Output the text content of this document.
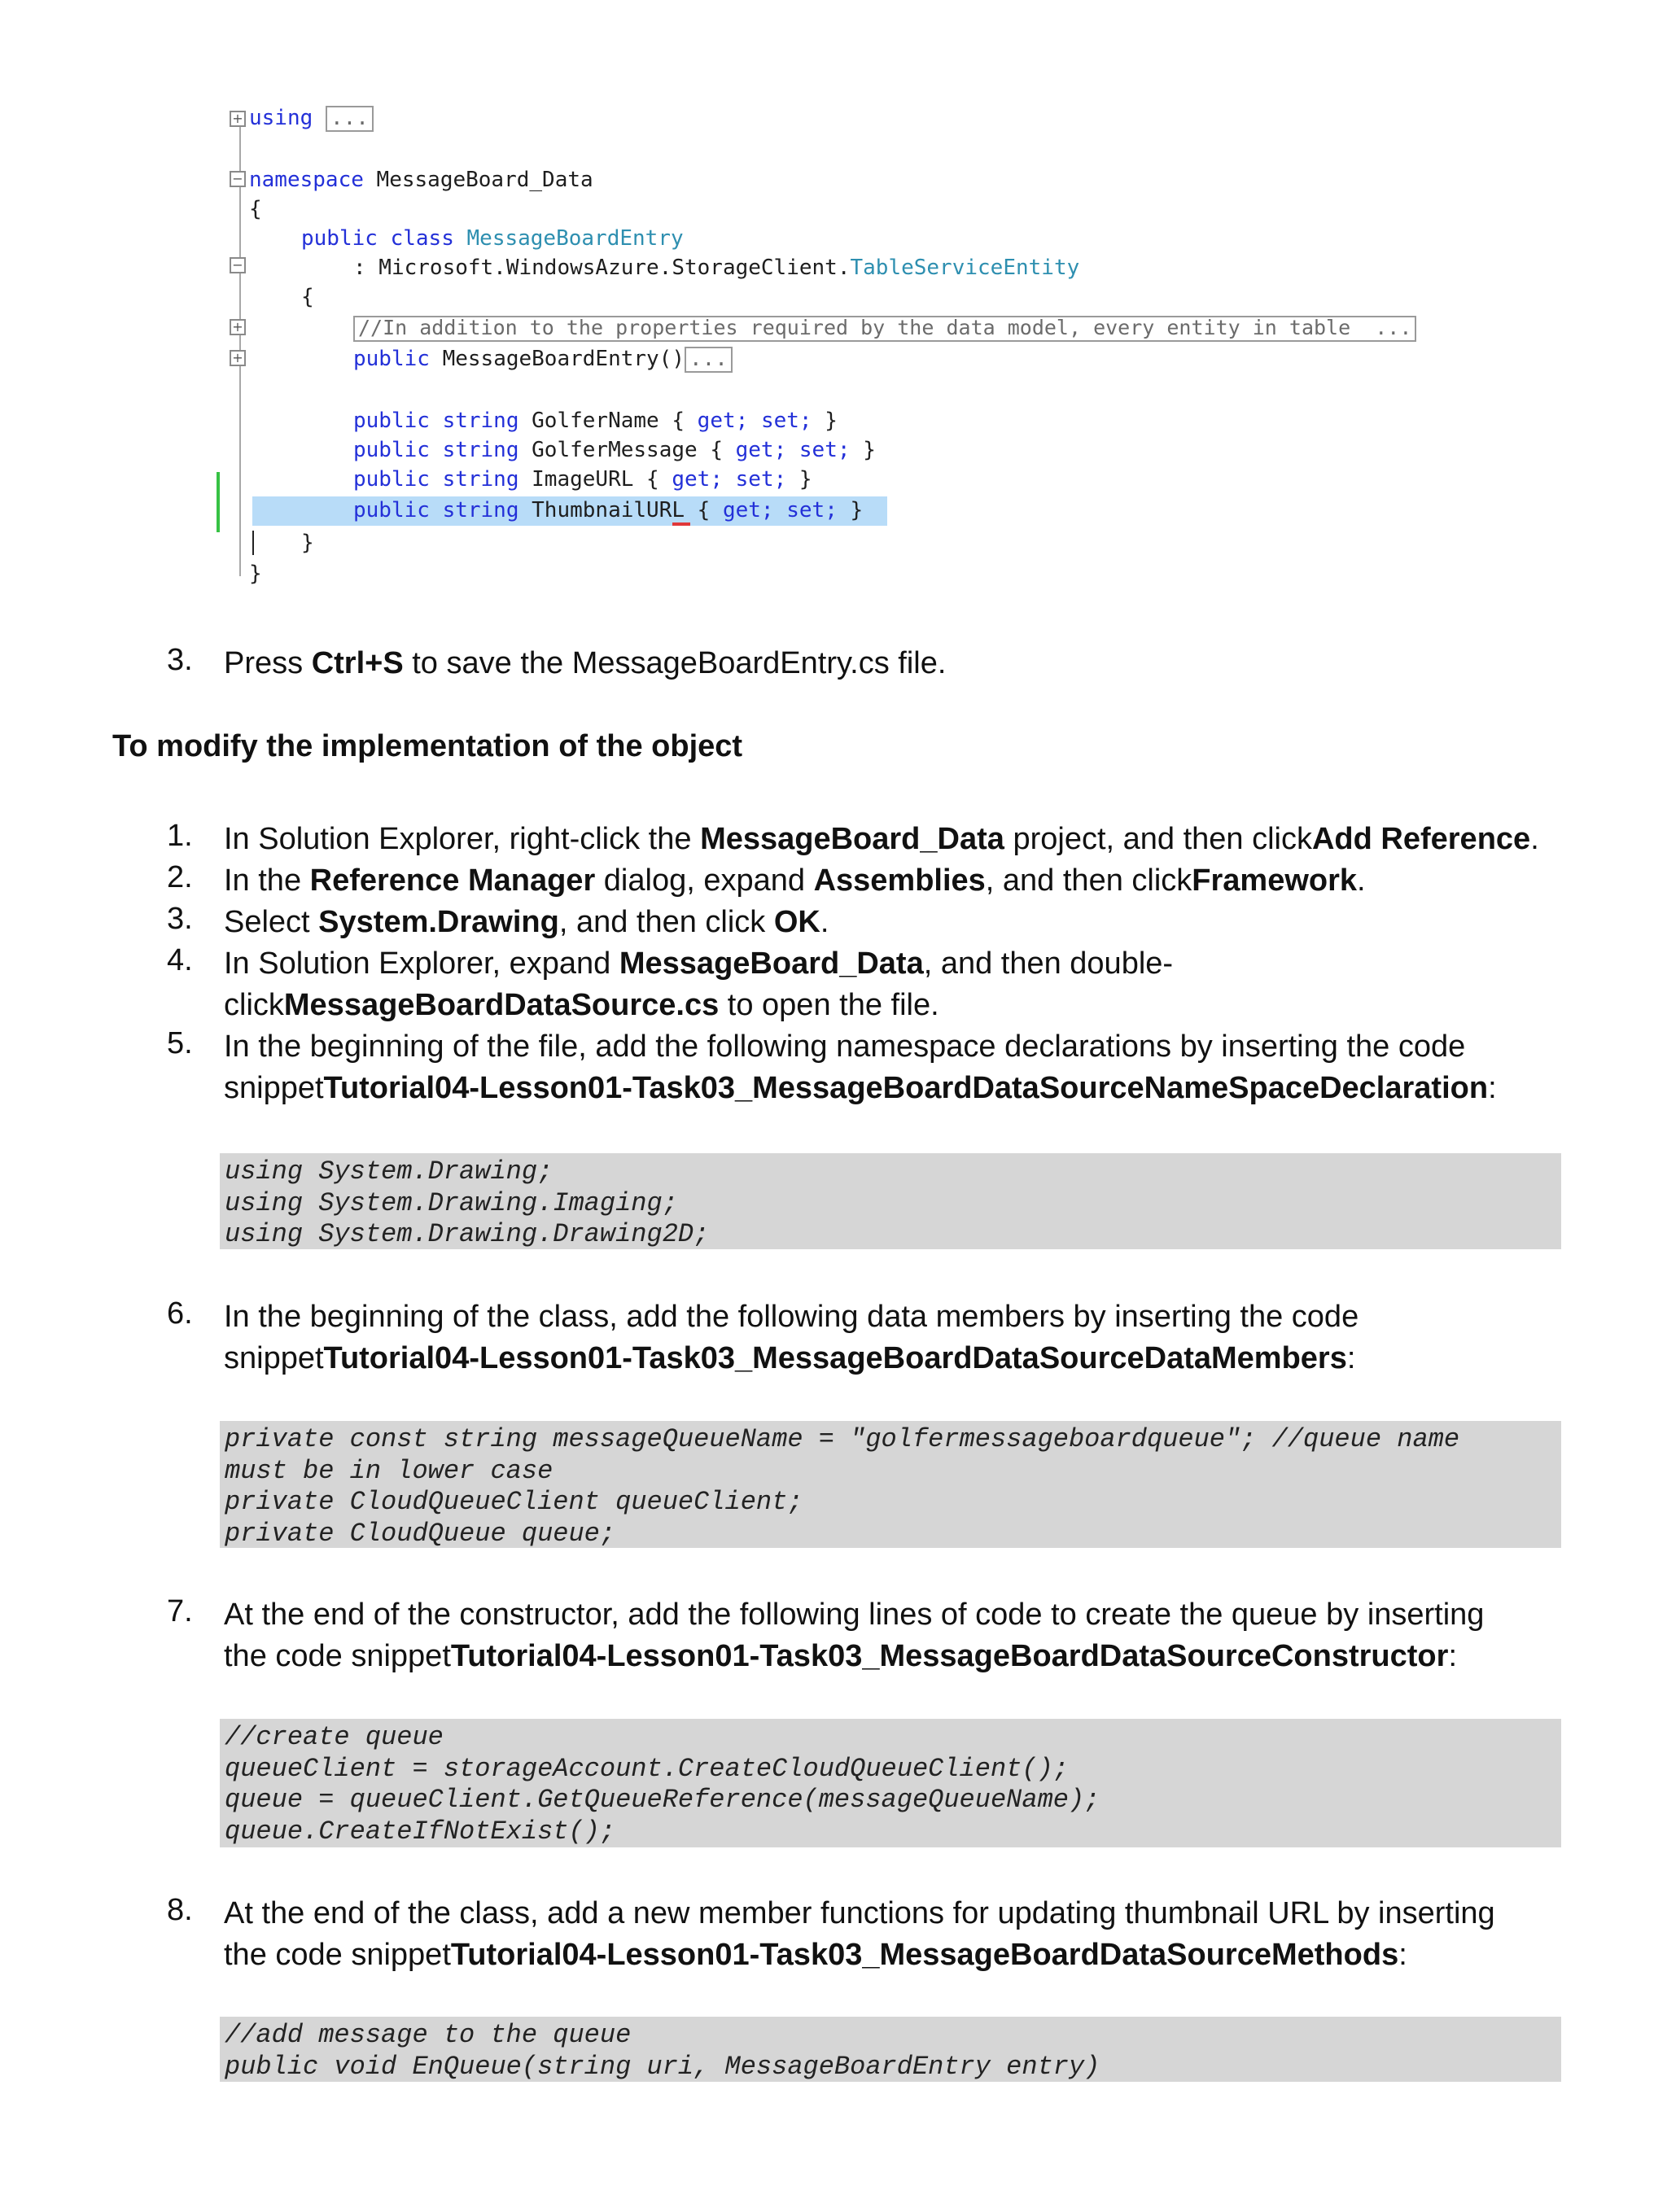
+
−
−
+
+
using ...
namespace MessageBoard_Data
{
public class MessageBoardEntry
: Microsoft.WindowsAzure.StorageClient.TableServiceEntity
{
//In addition to the properties required by the data model, every entity in table  ...
public MessageBoardEntry() ...
public string GolferName { get; set; }
public string GolferMessage { get; set; }
public string ImageURL { get; set; }
public string ThumbnailURL { get; set; }
}
}
3.	Press Ctrl+S to save the MessageBoardEntry.cs file.
To modify the implementation of the object
1.	In Solution Explorer, right-click the MessageBoard_Data project, and then clickAdd Reference.
2.	In the Reference Manager dialog, expand Assemblies, and then clickFramework.
3.	Select System.Drawing, and then click OK.
4.	In Solution Explorer, expand MessageBoard_Data, and then double-
clickMessageBoardDataSource.cs to open the file.
5.	In the beginning of the file, add the following namespace declarations by inserting the code
snippetTutorial04-Lesson01-Task03_MessageBoardDataSourceNameSpaceDeclaration:
using System.Drawing;
using System.Drawing.Imaging;
using System.Drawing.Drawing2D;
6.	In the beginning of the class, add the following data members by inserting the code
snippetTutorial04-Lesson01-Task03_MessageBoardDataSourceDataMembers:
private const string messageQueueName = "golfermessageboardqueue"; //queue name
must be in lower case
private CloudQueueClient queueClient;
private CloudQueue queue;
7.	At the end of the constructor, add the following lines of code to create the queue by inserting
the code snippetTutorial04-Lesson01-Task03_MessageBoardDataSourceConstructor:
//create queue
queueClient = storageAccount.CreateCloudQueueClient();
queue = queueClient.GetQueueReference(messageQueueName);
queue.CreateIfNotExist();
8.	At the end of the class, add a new member functions for updating thumbnail URL by inserting
the code snippetTutorial04-Lesson01-Task03_MessageBoardDataSourceMethods:
//add message to the queue
public void EnQueue(string uri, MessageBoardEntry entry)
